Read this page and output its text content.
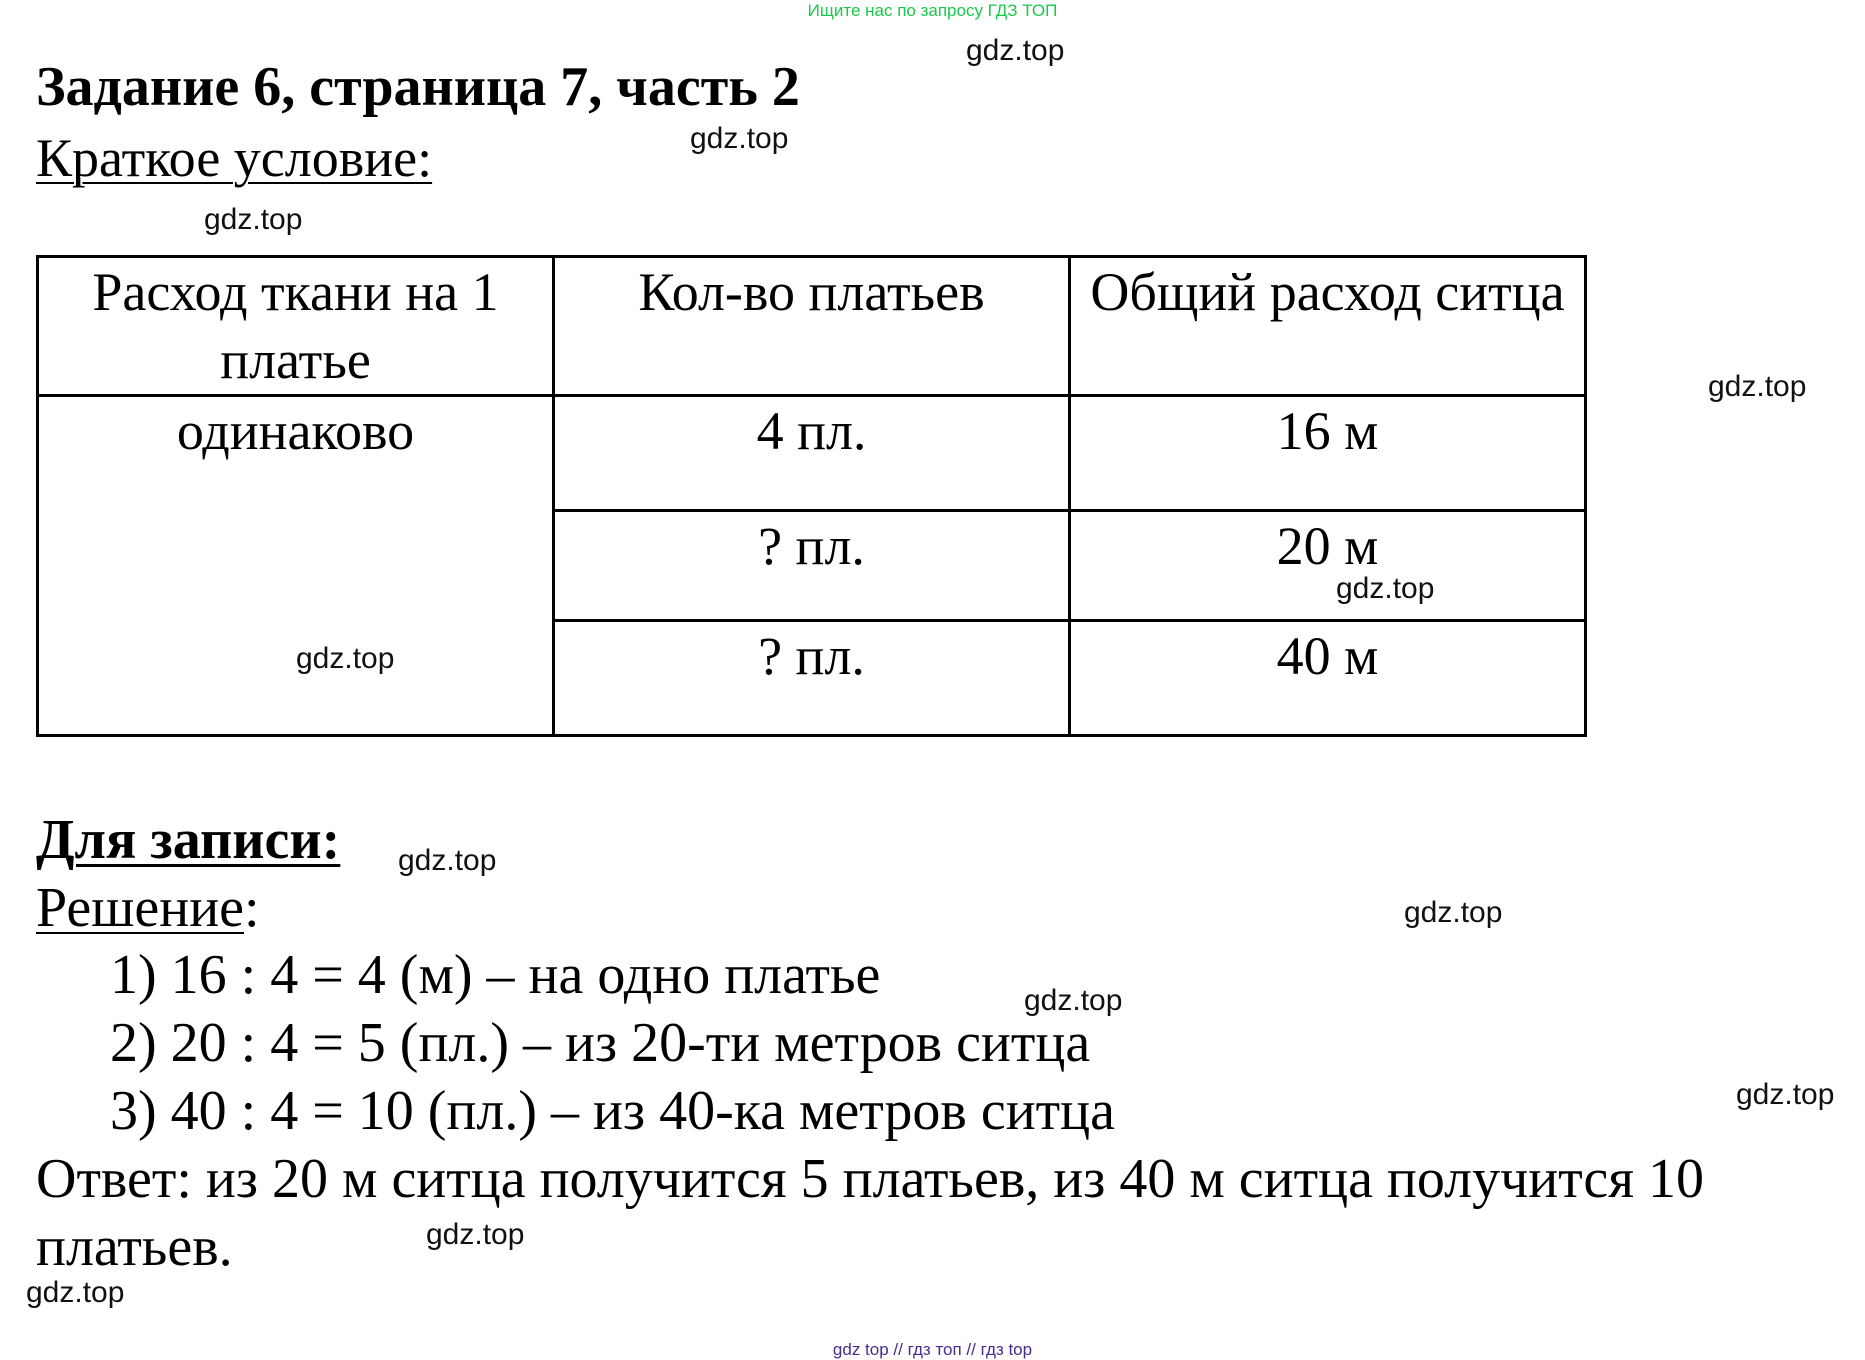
Ищите нас по запросу ГДЗ ТОП
Задание 6, страница 7, часть 2
Краткое условие:
Расход ткани на 1 платье	Кол-во платьев	Общий расход ситца
одинаково	4 пл.	16 м
	? пл.	20 м
	? пл.	40 м
Для записи:
Решение:
1) 16 : 4 = 4 (м) – на одно платье
2) 20 : 4 = 5 (пл.) – из 20-ти метров ситца
3) 40 : 4 = 10 (пл.) – из 40-ка метров ситца
Ответ: из 20 м ситца получится 5 платьев, из 40 м ситца получится 10 платьев.
gdz.top
gdz.top
gdz.top
gdz.top
gdz.top
gdz.top
gdz.top
gdz.top
gdz.top
gdz.top
gdz.top
gdz.top
gdz top // гдз топ // гдз top
